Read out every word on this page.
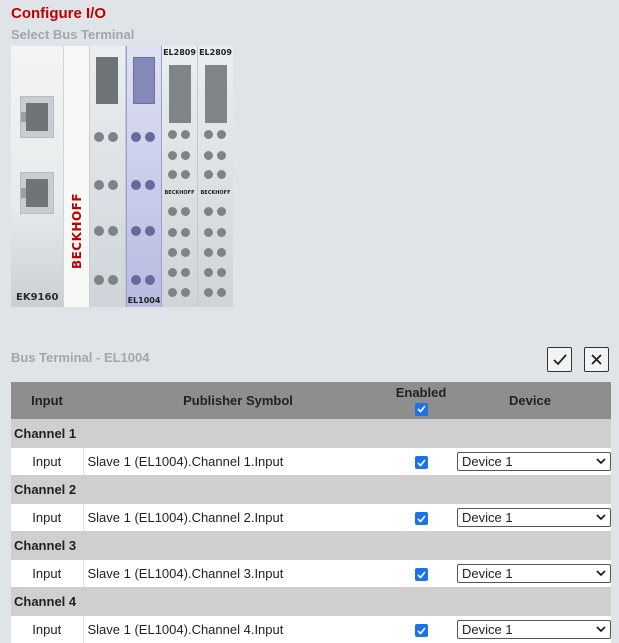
Configure I/O
Select Bus Terminal
EK9160
BECKHOFF
EL1004
EL2809
BECKHOFF
EL2809
BECKHOFF
Bus Terminal - EL1004
Input	Publisher Symbol	Enabled	Device
Channel 1			
Input	Slave 1 (EL1004).Channel 1.Input		Device 1

Channel 2			
Input	Slave 1 (EL1004).Channel 2.Input		Device 1

Channel 3			
Input	Slave 1 (EL1004).Channel 3.Input		Device 1

Channel 4			
Input	Slave 1 (EL1004).Channel 4.Input		Device 1
